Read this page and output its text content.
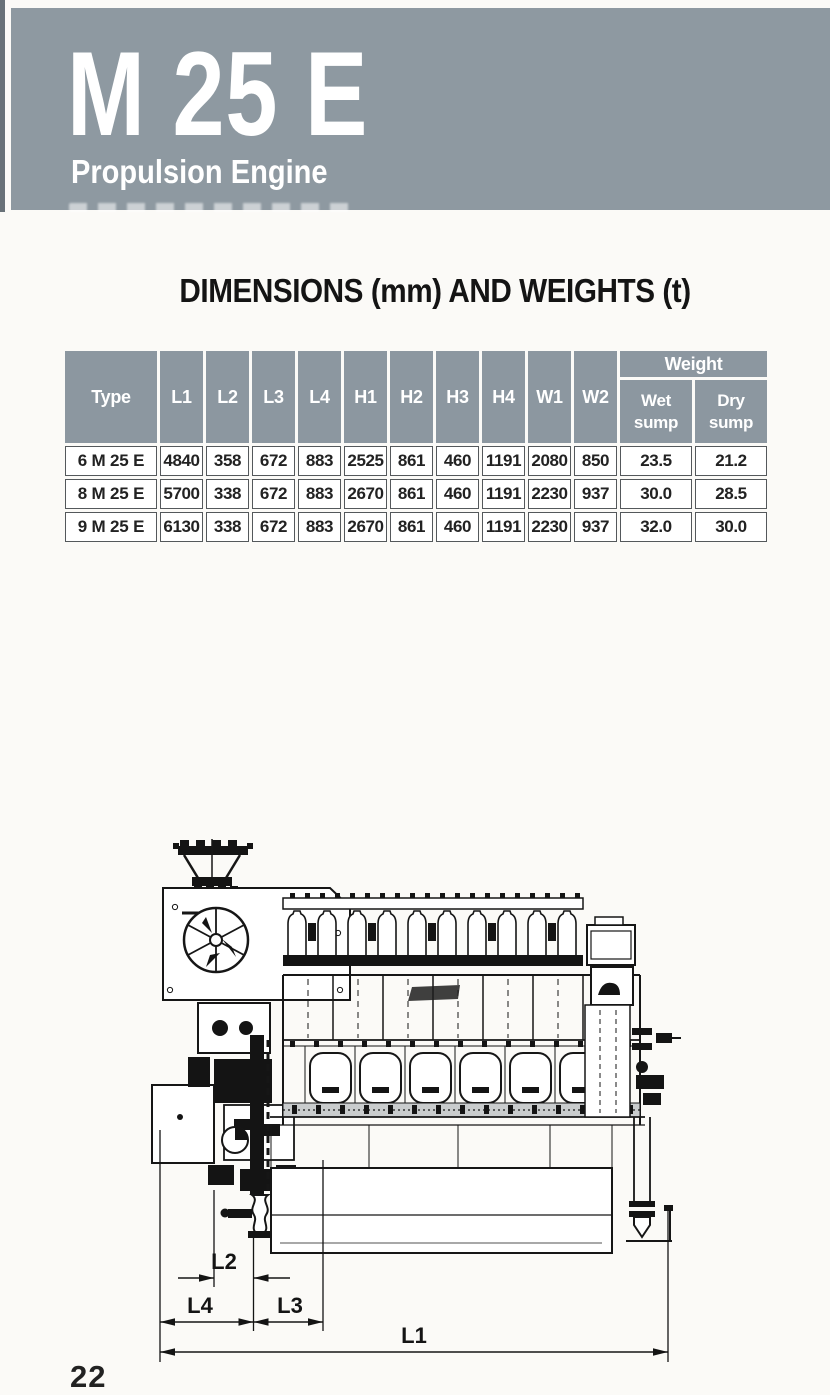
M 25 E
Propulsion Engine
DIMENSIONS (mm) AND WEIGHTS (t)
Type	L1	L2	L3	L4	H1	H2	H3	H4	W1	W2	Weight	

Wet
sump

Dry
sump

6 M 25 E	4840	358	672	883	2525	861	460	1191	2080	850	23.5	21.2
8 M 25 E	5700	338	672	883	2670	861	460	1191	2230	937	30.0	28.5
9 M 25 E	6130	338	672	883	2670	861	460	1191	2230	937	32.0	30.0
L2
L4	L3
L1
22
